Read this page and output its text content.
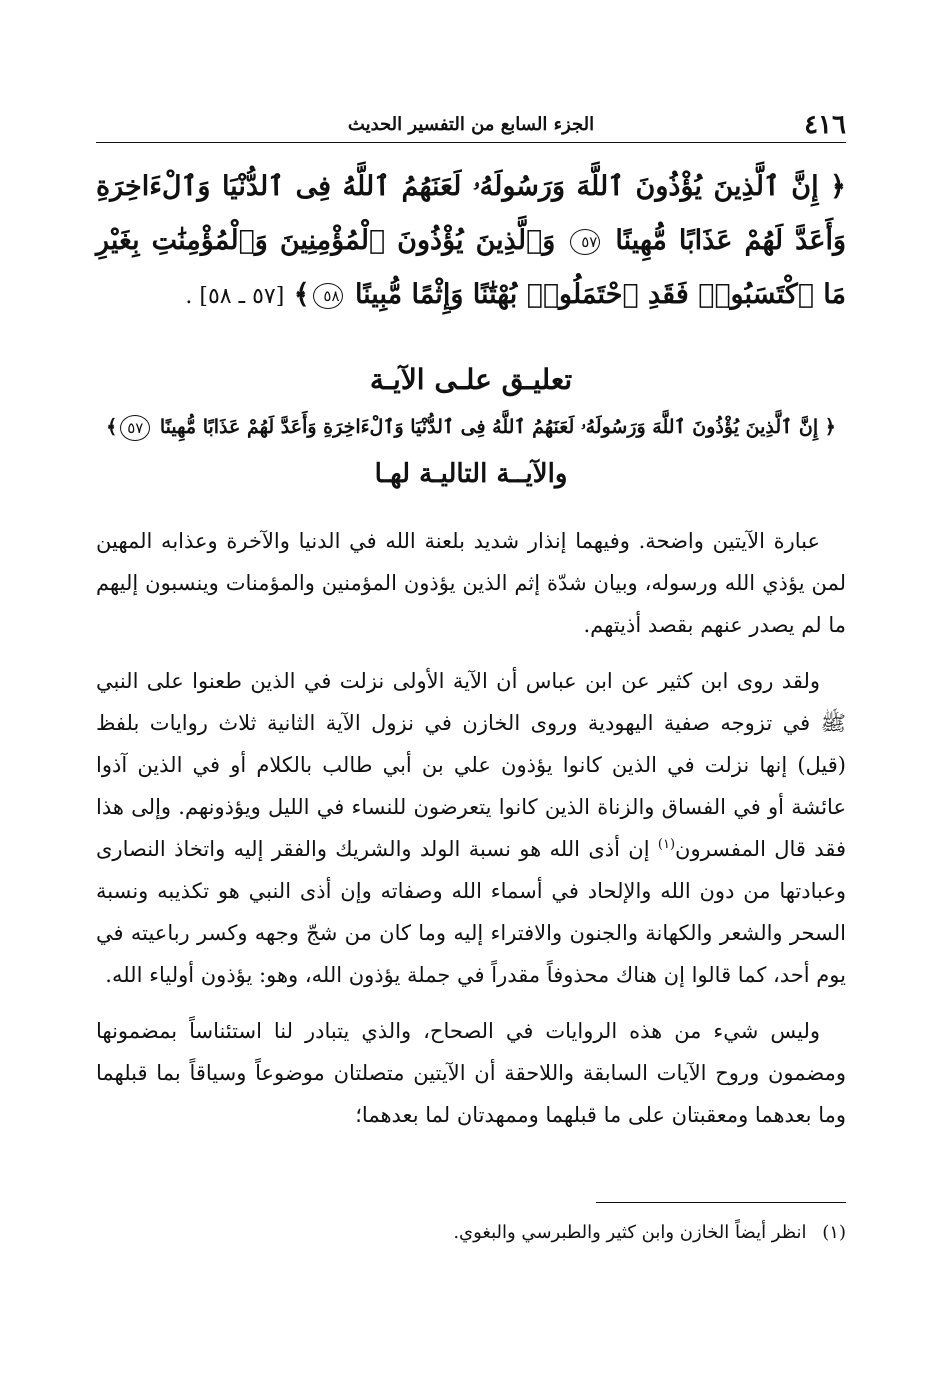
٤١٦
الجزء السابع من التفسير الحديث
﴿ إِنَّ ٱلَّذِينَ يُؤْذُونَ ٱللَّهَ وَرَسُولَهُۥ لَعَنَهُمُ ٱللَّهُ فِى ٱلدُّنْيَا وَٱلْءَاخِرَةِ وَأَعَدَّ لَهُمْ عَذَابًا مُّهِينًا ٥٧ وَٱلَّذِينَ يُؤْذُونَ ٱلْمُؤْمِنِينَ وَٱلْمُؤْمِنَٰتِ بِغَيْرِ مَا ٱكْتَسَبُوا۟ فَقَدِ ٱحْتَمَلُوا۟ بُهْتَٰنًا وَإِثْمًا مُّبِينًا ٥٨﴾ [٥٧ ـ ٥٨] .
تعليـق علـى الآيـة
﴿ إِنَّ ٱلَّذِينَ يُؤْذُونَ ٱللَّهَ وَرَسُولَهُۥ لَعَنَهُمُ ٱللَّهُ فِى ٱلدُّنْيَا وَٱلْءَاخِرَةِ وَأَعَدَّ لَهُمْ عَذَابًا مُّهِينًا ٥٧﴾
والآيــة التاليـة لهـا

عبارة الآيتين واضحة. وفيهما إنذار شديد بلعنة الله في الدنيا والآخرة وعذابه المهين لمن يؤذي الله ورسوله، وبيان شدّة إثم الذين يؤذون المؤمنين والمؤمنات وينسبون إليهم ما لم يصدر عنهم بقصد أذيتهم.

ولقد روى ابن كثير عن ابن عباس أن الآية الأولى نزلت في الذين طعنوا على النبي ﷺ في تزوجه صفية اليهودية وروى الخازن في نزول الآية الثانية ثلاث روايات بلفظ (قيل) إنها نزلت في الذين كانوا يؤذون علي بن أبي طالب بالكلام أو في الذين آذوا عائشة أو في الفساق والزناة الذين كانوا يتعرضون للنساء في الليل ويؤذونهم. وإلى هذا فقد قال المفسرون$^{(١)}$ إن أذى الله هو نسبة الولد والشريك والفقر إليه واتخاذ النصارى وعبادتها من دون الله والإلحاد في أسماء الله وصفاته وإن أذى النبي هو تكذيبه ونسبة السحر والشعر والكهانة والجنون والافتراء إليه وما كان من شجّ وجهه وكسر رباعيته في يوم أحد، كما قالوا إن هناك محذوفاً مقدراً في جملة يؤذون الله، وهو: يؤذون أولياء الله.

وليس شيء من هذه الروايات في الصحاح، والذي يتبادر لنا استئناساً بمضمونها ومضمون وروح الآيات السابقة واللاحقة أن الآيتين متصلتان موضوعاً وسياقاً بما قبلهما وما بعدهما ومعقبتان على ما قبلهما وممهدتان لما بعدهما؛

(١) انظر أيضاً الخازن وابن كثير والطبرسي والبغوي.
